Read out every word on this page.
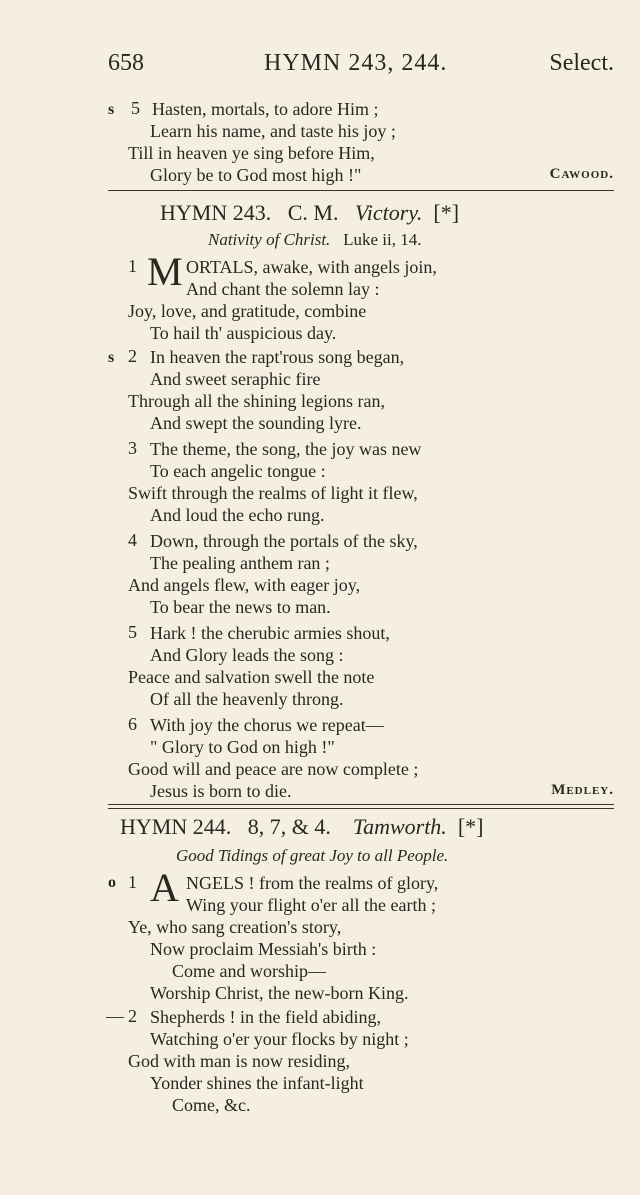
658	HYMN 243, 244.	Select.
s 5 Hasten, mortals, to adore Him ;
Learn his name, and taste his joy ;
Till in heaven ye sing before Him,
Glory be to God most high !"	Cawood.
HYMN 243. C. M. Victory. [*]
Nativity of Christ. Luke ii, 14.
1 M ORTALS, awake, with angels join,
And chant the solemn lay :
Joy, love, and gratitude, combine
To hail th' auspicious day.
s 2 In heaven the rapt'rous song began,
And sweet seraphic fire
Through all the shining legions ran,
And swept the sounding lyre.
3 The theme, the song, the joy was new
To each angelic tongue :
Swift through the realms of light it flew,
And loud the echo rung.
4 Down, through the portals of the sky,
The pealing anthem ran ;
And angels flew, with eager joy,
To bear the news to man.
5 Hark ! the cherubic armies shout,
And Glory leads the song :
Peace and salvation swell the note
Of all the heavenly throng.
6 With joy the chorus we repeat—
" Glory to God on high !"
Good will and peace are now complete ;
Jesus is born to die.	Medley.
HYMN 244. 8, 7, & 4. Tamworth. [*]
Good Tidings of great Joy to all People.
o 1 A NGELS ! from the realms of glory,
Wing your flight o'er all the earth ;
Ye, who sang creation's story,
Now proclaim Messiah's birth :
Come and worship—
Worship Christ, the new-born King.
— 2 Shepherds ! in the field abiding,
Watching o'er your flocks by night ;
God with man is now residing,
Yonder shines the infant-light
Come, &c.
